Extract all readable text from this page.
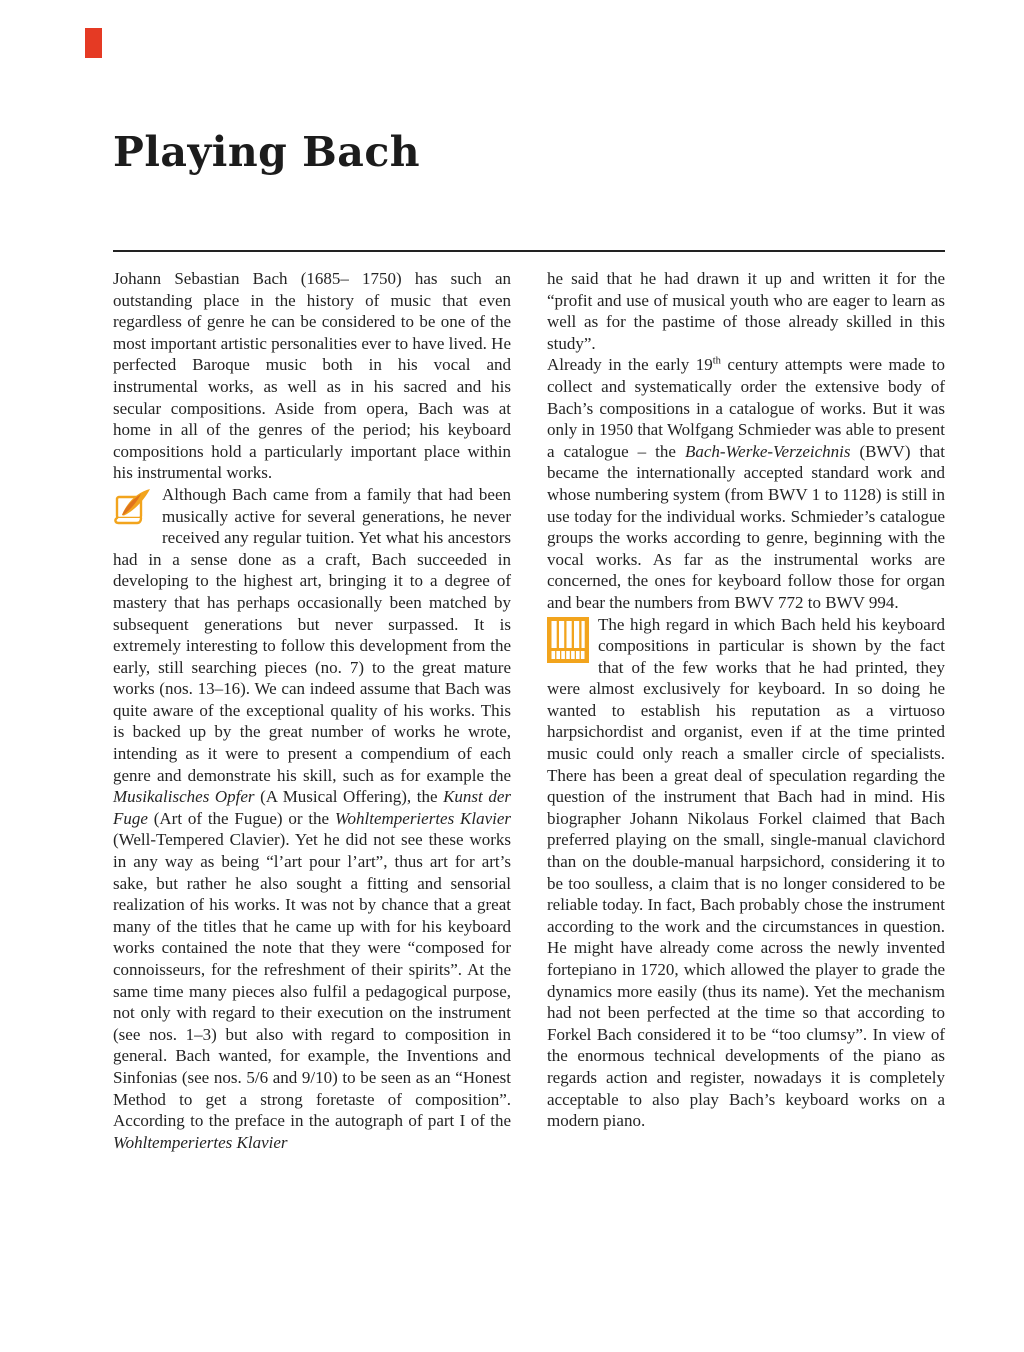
Playing Bach

Johann Sebastian Bach (1685– 1750) has such an outstanding place in the history of music that even regardless of genre he can be considered to be one of the most important artistic personalities ever to have lived. He perfected Baroque music both in his vocal and instrumental works, as well as in his sacred and his secular compositions. Aside from opera, Bach was at home in all of the genres of the period; his keyboard compositions hold a particularly important place within his instrumental works.

Although Bach came from a family that had been musically active for several generations, he never received any regular tuition. Yet what his ancestors had in a sense done as a craft, Bach succeeded in developing to the highest art, bringing it to a degree of mastery that has perhaps occasionally been matched by subsequent generations but never surpassed. It is extremely interesting to follow this development from the early, still searching pieces (no. 7) to the great mature works (nos. 13–16). We can indeed assume that Bach was quite aware of the exceptional quality of his works. This is backed up by the great number of works he wrote, intending as it were to present a compendium of each genre and demonstrate his skill, such as for example the Musikalisches Opfer (A Musical Offering), the Kunst der Fuge (Art of the Fugue) or the Wohltemperiertes Klavier (Well-Tempered Clavier). Yet he did not see these works in any way as being “l’art pour l’art”, thus art for art’s sake, but rather he also sought a fitting and sensorial realization of his works. It was not by chance that a great many of the titles that he came up with for his keyboard works contained the note that they were “composed for connoisseurs, for the refreshment of their spirits”. At the same time many pieces also fulfil a pedagogical purpose, not only with regard to their execution on the instrument (see nos. 1–3) but also with regard to composition in general. Bach wanted, for example, the Inventions and Sinfonias (see nos. 5/6 and 9/10) to be seen as an “Honest Method to get a strong foretaste of composition”. According to the preface in the autograph of part I of the Wohltemperiertes Klavier

he said that he had drawn it up and written it for the “profit and use of musical youth who are eager to learn as well as for the pastime of those already skilled in this study”.

Already in the early 19th century attempts were made to collect and systematically order the extensive body of Bach’s compositions in a catalogue of works. But it was only in 1950 that Wolfgang Schmieder was able to present a catalogue – the Bach-Werke-Verzeichnis (BWV) that became the internationally accepted standard work and whose numbering system (from BWV 1 to 1128) is still in use today for the individual works. Schmieder’s catalogue groups the works according to genre, beginning with the vocal works. As far as the instrumental works are concerned, the ones for keyboard follow those for organ and bear the numbers from BWV 772 to BWV 994.

The high regard in which Bach held his keyboard compositions in particular is shown by the fact that of the few works that he had printed, they were almost exclusively for keyboard. In so doing he wanted to establish his reputation as a virtuoso harpsichordist and organist, even if at the time printed music could only reach a smaller circle of specialists. There has been a great deal of speculation regarding the question of the instrument that Bach had in mind. His biographer Johann Nikolaus Forkel claimed that Bach preferred playing on the small, single-manual clavichord than on the double-manual harpsichord, considering it to be too soulless, a claim that is no longer considered to be reliable today. In fact, Bach probably chose the instrument according to the work and the circumstances in question. He might have already come across the newly invented fortepiano in 1720, which allowed the player to grade the dynamics more easily (thus its name). Yet the mechanism had not been perfected at the time so that according to Forkel Bach considered it to be “too clumsy”. In view of the enormous technical developments of the piano as regards action and register, nowadays it is completely acceptable to also play Bach’s keyboard works on a modern piano.
